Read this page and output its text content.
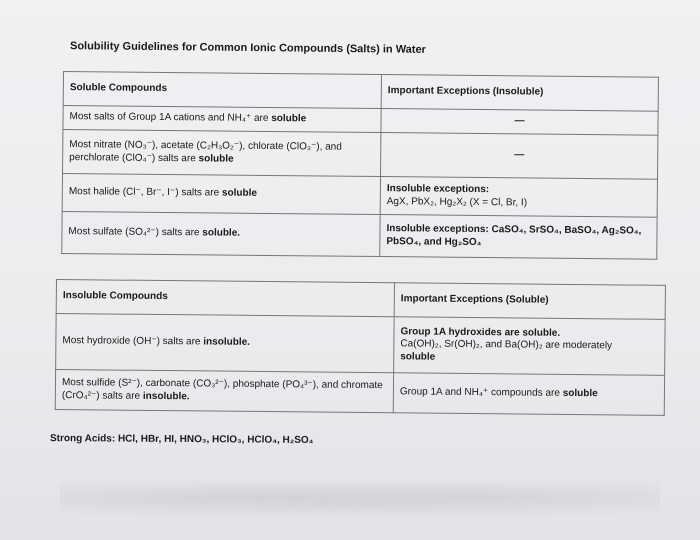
Solubility Guidelines for Common Ionic Compounds (Salts) in Water
Soluble Compounds	Important Exceptions (Insoluble)
Most salts of Group 1A cations and NH₄⁺ are soluble	—
Most nitrate (NO₃⁻), acetate (C₂H₃O₂⁻), chlorate (ClO₃⁻), and perchlorate (ClO₄⁻) salts are soluble	—
Most halide (Cl⁻, Br⁻, I⁻) salts are soluble	Insoluble exceptions:
AgX, PbX₂, Hg₂X₂ (X = Cl, Br, I)

Most sulfate (SO₄²⁻) salts are soluble.	Insoluble exceptions: CaSO₄, SrSO₄, BaSO₄, Ag₂SO₄, PbSO₄, and Hg₂SO₄
Insoluble Compounds	Important Exceptions (Soluble)
Most hydroxide (OH⁻) salts are insoluble.	Group 1A hydroxides are soluble.
Ca(OH)₂, Sr(OH)₂, and Ba(OH)₂ are moderately
soluble

Most sulfide (S²⁻), carbonate (CO₃²⁻), phosphate (PO₄³⁻), and chromate (CrO₄²⁻) salts are insoluble.	Group 1A and NH₄⁺ compounds are soluble
Strong Acids: HCl, HBr, HI, HNO₃, HClO₃, HClO₄, H₂SO₄
